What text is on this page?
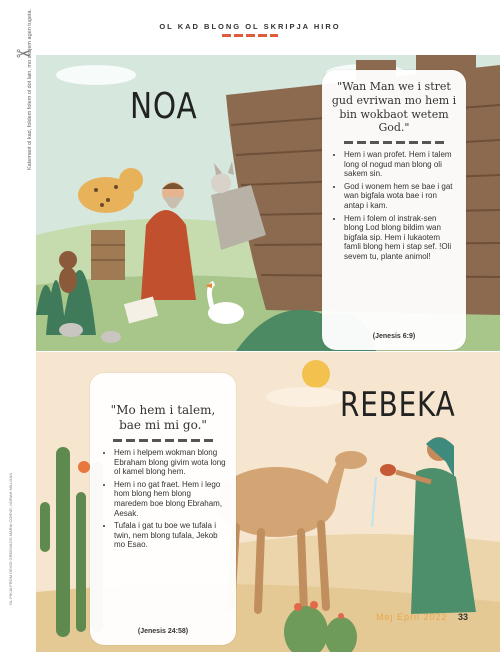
OL KAD BLONG OL SKRIPJA HIRO
✂
Katemaot ol kad, foldem folem ol dot lain, mo skajem agen tugeta.
OL PIKJA FROM DEVID GREEN/LDS MARIA CORNE; NORAH MILLGAN
NOA	"Wan Man we i stret gud evriwan mo hem i bin wokbaot wetem God."
• Hem i wan profet. Hem i talem long ol nogud man blong oli sakem sin.
• God i wonem hem se bae i gat wan bigfala wota bae i ron antap i kam.
• Hem i folem ol instrak-sen blong Lod blong bildim wan bigfala sip. Hem i lukaotem famli blong hem i stap sef. !Oli sevem tu, plante animol!
(Jenesis 6:9)
REBEKA
"Mo hem i talem, bae mi mi go."
• Hem i helpem wokman blong Ebraham blong givim wota long ol kamel blong hem.
• Hem i no gat fraet. Hem i lego hom blong hem blong maredem boe blong Ebraham, Aesak.
• Tufala i gat tu boe we tufala i twin, nem blong tufala, Jekob mo Esao.
(Jenesis 24:58)
Mej Epril 2022 33
